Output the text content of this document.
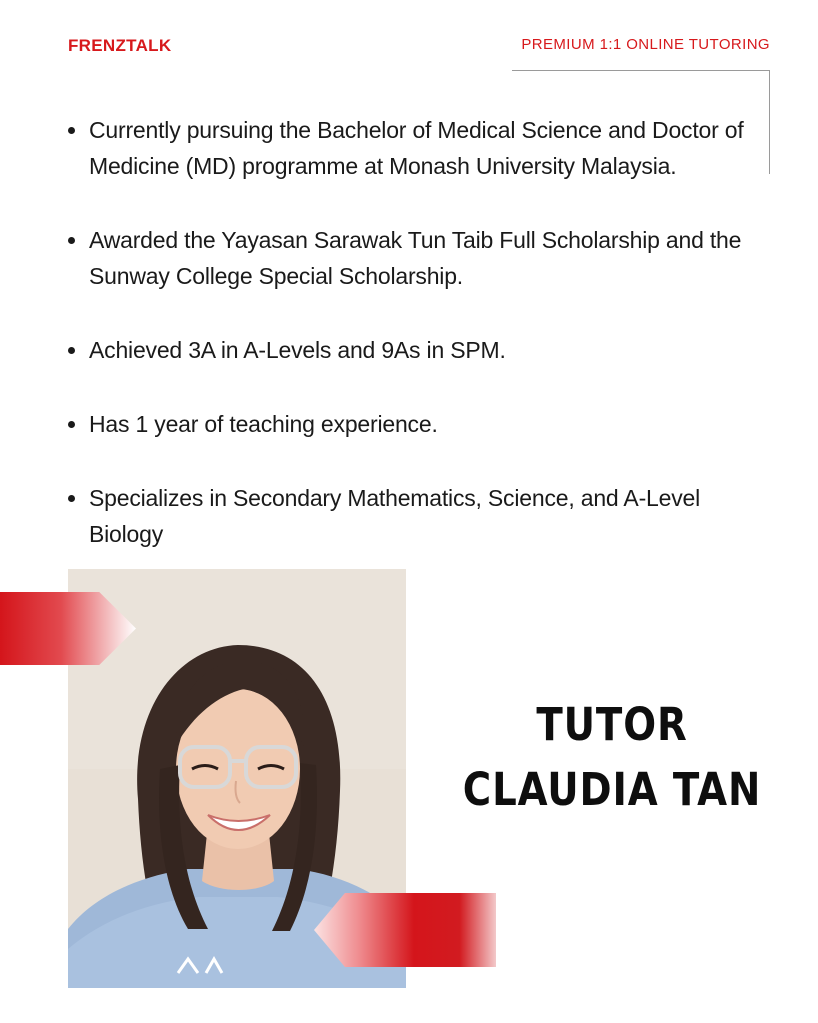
FRENZTALK	PREMIUM 1:1 ONLINE TUTORING
Currently pursuing the Bachelor of Medical Science and Doctor of Medicine (MD) programme at Monash University Malaysia.
Awarded the Yayasan Sarawak Tun Taib Full Scholarship and the Sunway College Special Scholarship.
Achieved 3A in A-Levels and 9As in SPM.
Has 1 year of teaching experience.
Specializes in Secondary Mathematics, Science, and A-Level Biology
TUTOR
CLAUDIA TAN
